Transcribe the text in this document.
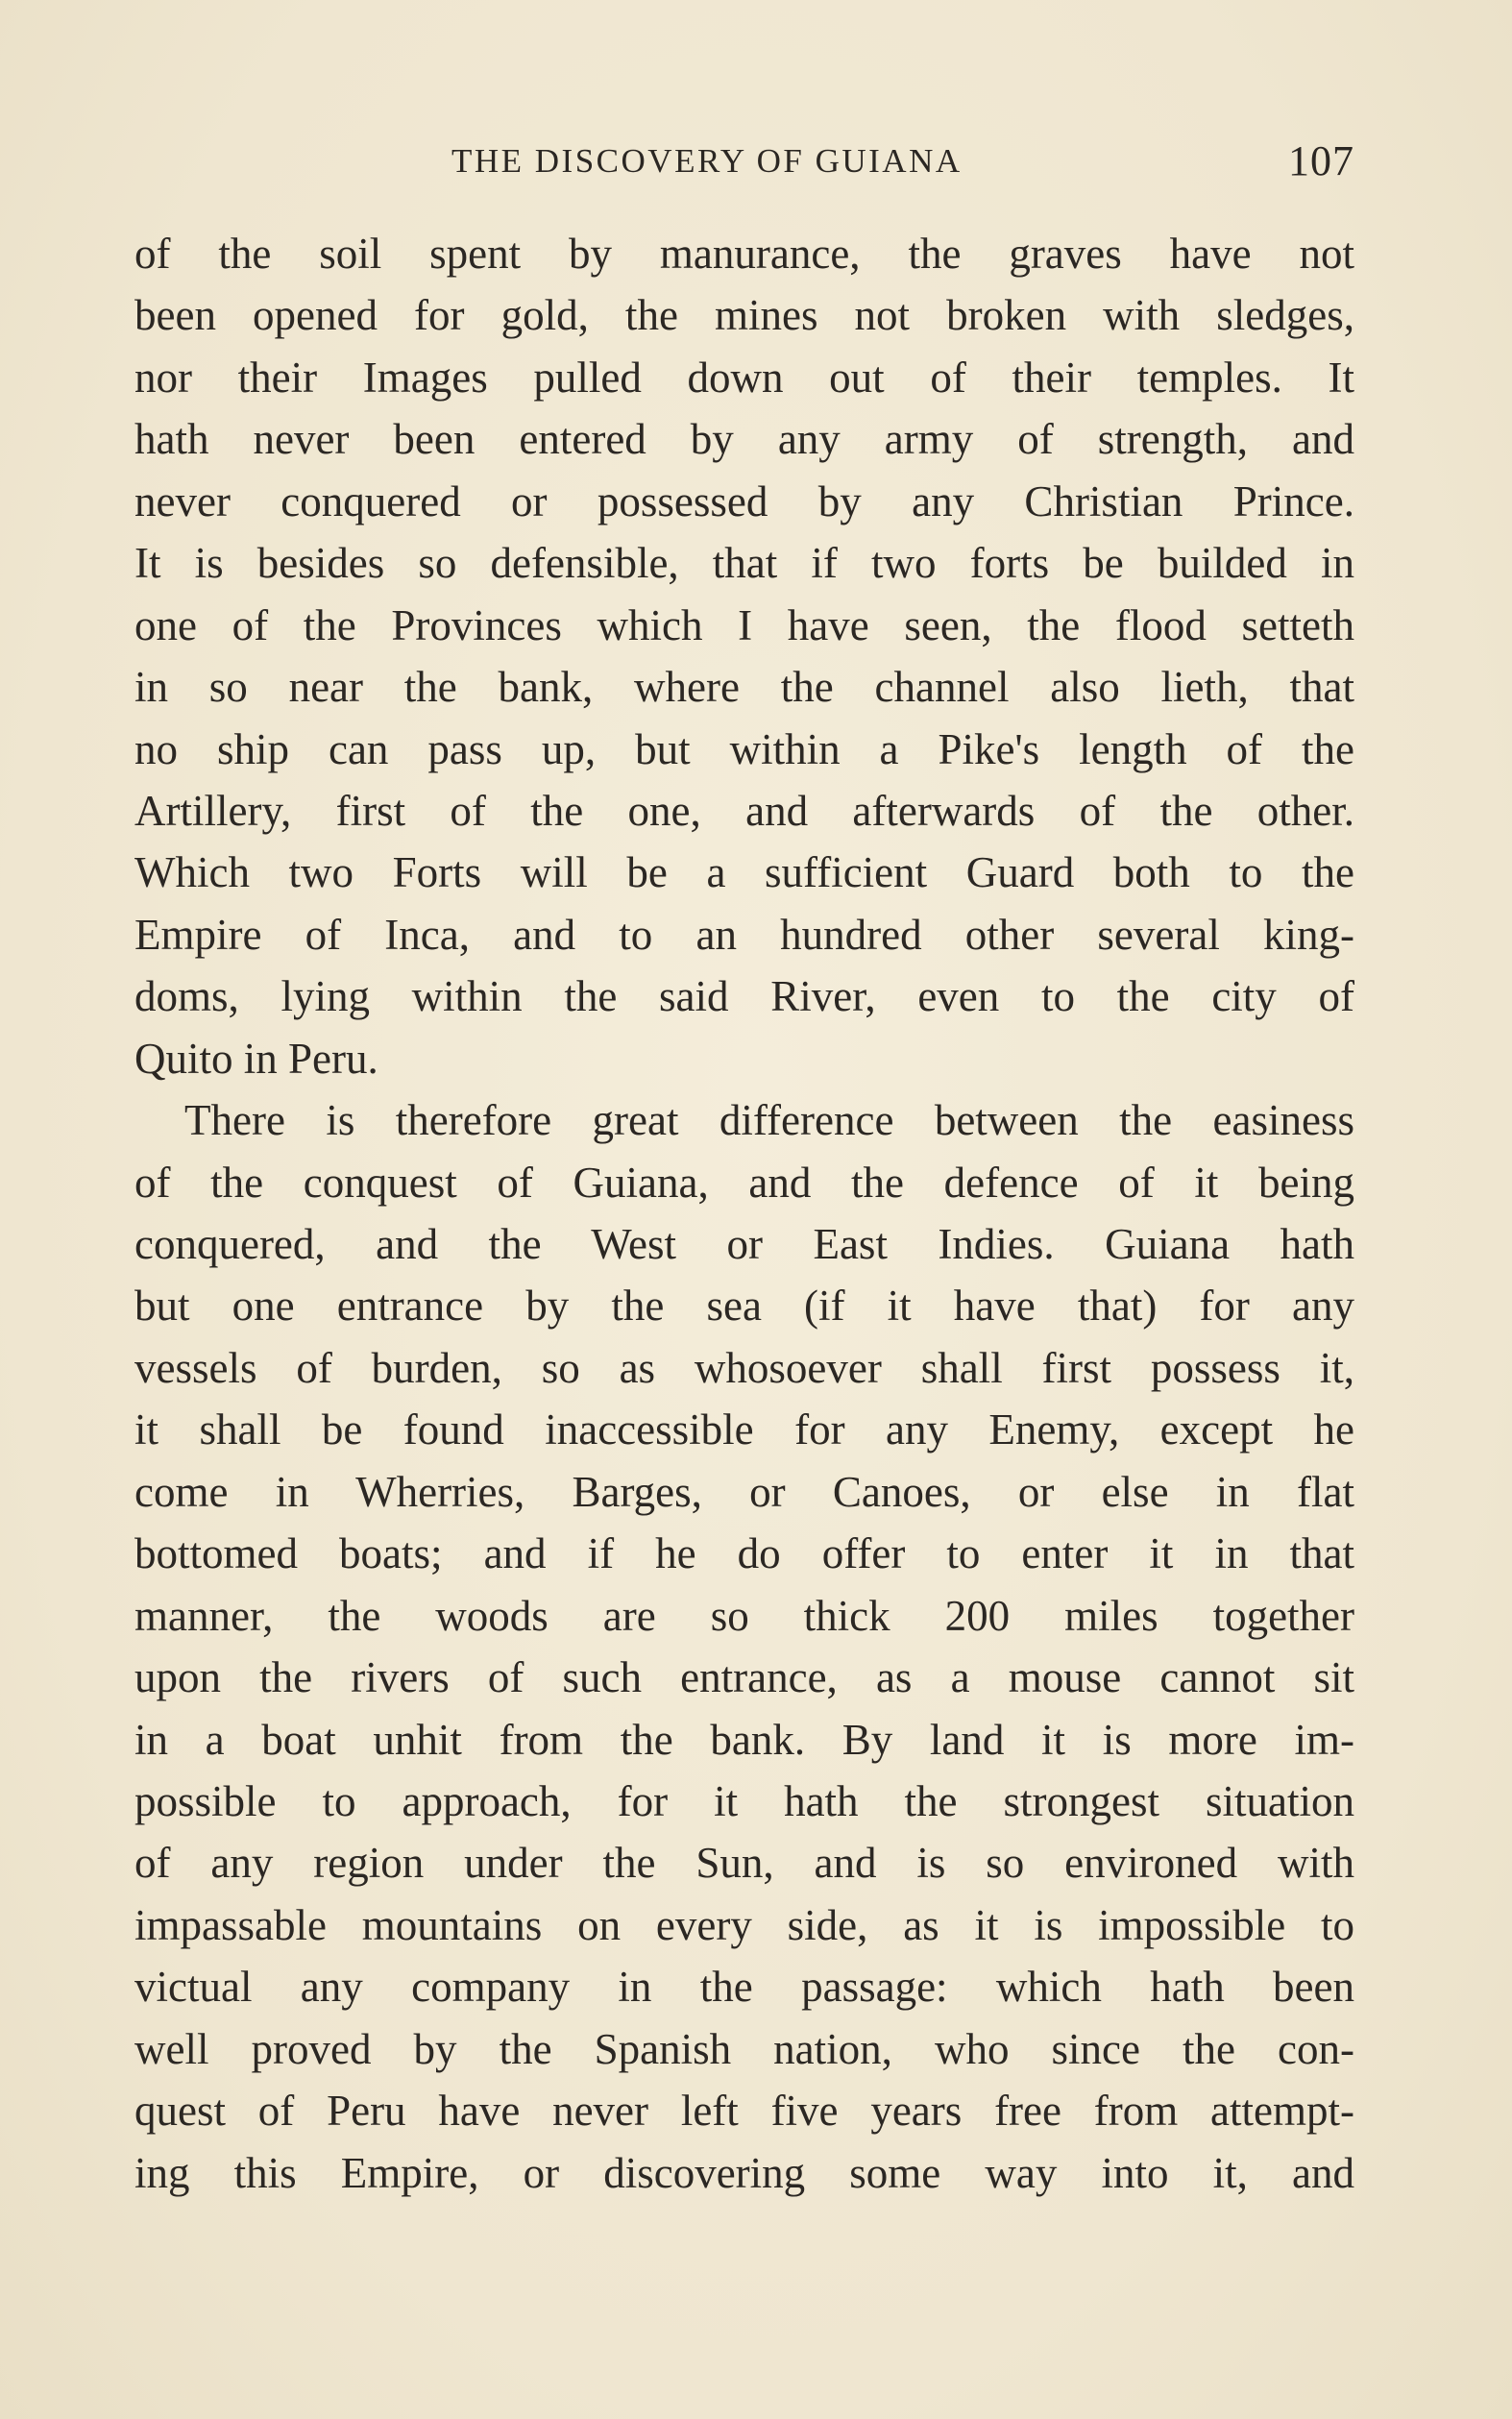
THE DISCOVERY OF GUIANA	107
of the soil spent by manurance, the graves have not
been opened for gold, the mines not broken with sledges,
nor their Images pulled down out of their temples. It
hath never been entered by any army of strength, and
never conquered or possessed by any Christian Prince.
It is besides so defensible, that if two forts be builded in
one of the Provinces which I have seen, the flood setteth
in so near the bank, where the channel also lieth, that
no ship can pass up, but within a Pike's length of the
Artillery, first of the one, and afterwards of the other.
Which two Forts will be a sufficient Guard both to the
Empire of Inca, and to an hundred other several king-
doms, lying within the said River, even to the city of
Quito in Peru.
There is therefore great difference between the easiness
of the conquest of Guiana, and the defence of it being
conquered, and the West or East Indies. Guiana hath
but one entrance by the sea (if it have that) for any
vessels of burden, so as whosoever shall first possess it,
it shall be found inaccessible for any Enemy, except he
come in Wherries, Barges, or Canoes, or else in flat
bottomed boats; and if he do offer to enter it in that
manner, the woods are so thick 200 miles together
upon the rivers of such entrance, as a mouse cannot sit
in a boat unhit from the bank. By land it is more im-
possible to approach, for it hath the strongest situation
of any region under the Sun, and is so environed with
impassable mountains on every side, as it is impossible to
victual any company in the passage: which hath been
well proved by the Spanish nation, who since the con-
quest of Peru have never left five years free from attempt-
ing this Empire, or discovering some way into it, and
